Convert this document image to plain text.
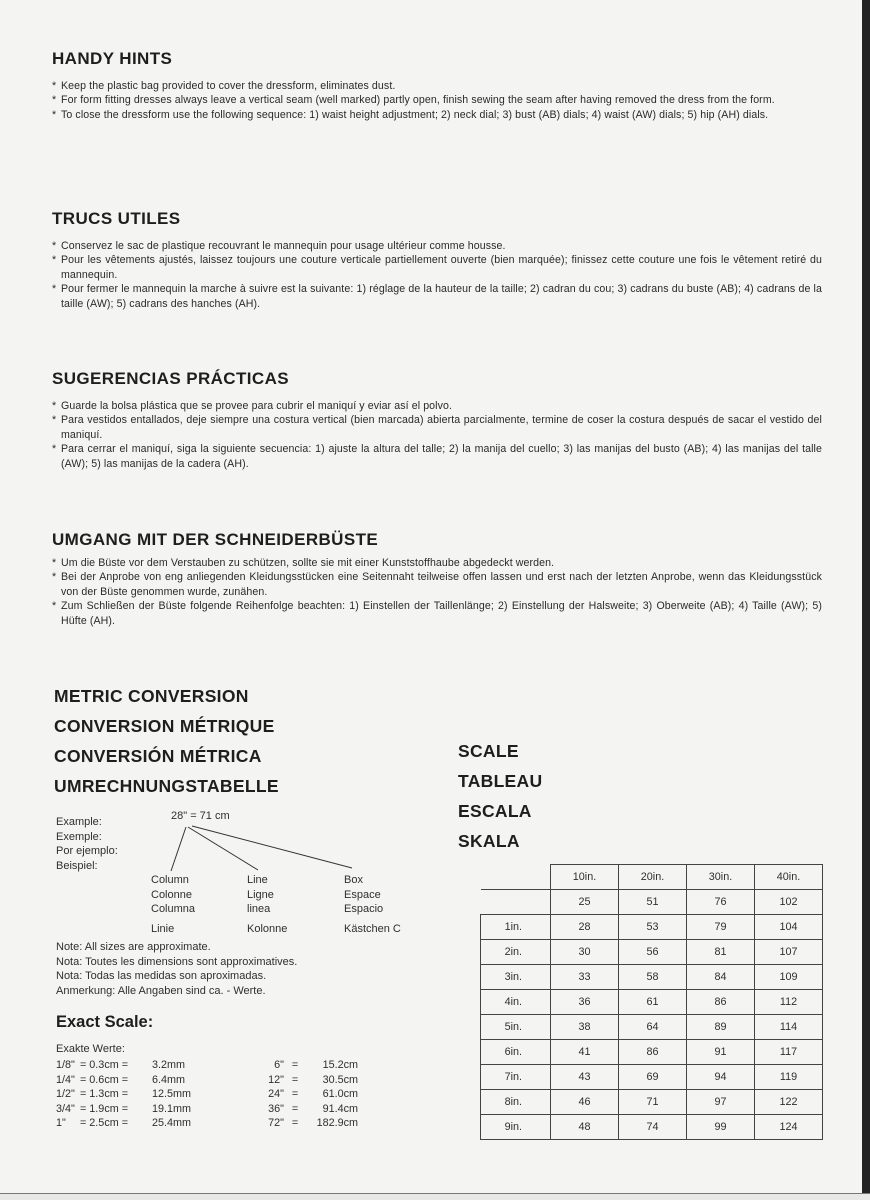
HANDY HINTS
* Keep the plastic bag provided to cover the dressform, eliminates dust.
* For form fitting dresses always leave a vertical seam (well marked) partly open, finish sewing the seam after having removed the dress from the form.
* To close the dressform use the following sequence: 1) waist height adjustment; 2) neck dial; 3) bust (AB) dials; 4) waist (AW) dials; 5) hip (AH) dials.
TRUCS UTILES
* Conservez le sac de plastique recouvrant le mannequin pour usage ultérieur comme housse.
* Pour les vêtements ajustés, laissez toujours une couture verticale partiellement ouverte (bien marquée); finissez cette couture une fois le vêtement retiré du mannequin.
* Pour fermer le mannequin la marche à suivre est la suivante: 1) réglage de la hauteur de la taille; 2) cadran du cou; 3) cadrans du buste (AB); 4) cadrans de la taille (AW); 5) cadrans des hanches (AH).
SUGERENCIAS PRÁCTICAS
* Guarde la bolsa plástica que se provee para cubrir el maniquí y eviar así el polvo.
* Para vestidos entallados, deje siempre una costura vertical (bien marcada) abierta parcialmente, termine de coser la costura después de sacar el vestido del maniquí.
* Para cerrar el maniquí, siga la siguiente secuencia: 1) ajuste la altura del talle; 2) la manija del cuello; 3) las manijas del busto (AB); 4) las manijas del talle (AW); 5) las manijas de la cadera (AH).
UMGANG MIT DER SCHNEIDERBÜSTE
* Um die Büste vor dem Verstauben zu schützen, sollte sie mit einer Kunststoffhaube abgedeckt werden.
* Bei der Anprobe von eng anliegenden Kleidungsstücken eine Seitennaht teilweise offen lassen und erst nach der letzten Anprobe, wenn das Kleidungsstück von der Büste genommen wurde, zunähen.
* Zum Schließen der Büste folgende Reihenfolge beachten: 1) Einstellen der Taillenlänge; 2) Einstellung der Halsweite; 3) Oberweite (AB); 4) Taille (AW); 5) Hüfte (AH).
METRIC CONVERSION
CONVERSION MÉTRIQUE
CONVERSIÓN MÉTRICA
UMRECHNUNGSTABELLE
SCALE
TABLEAU
ESCALA
SKALA
Example:
Exemple:
Por ejemplo:
Beispiel:
28" = 71 cm
Column
Colonne
Columna
Linie
Line
Ligne
linea
Kolonne
Box
Espace
Espacio
Kästchen C
Note: All sizes are approximate.
Nota: Toutes les dimensions sont approximatives.
Nota: Todas las medidas son aproximadas.
Anmerkung: Alle Angaben sind ca. - Werte.
Exact Scale:
Exakte Werte:
1/8" = 0.3cm = 3.2mm
1/4" = 0.6cm = 6.4mm
1/2" = 1.3cm = 12.5mm
3/4" = 1.9cm = 19.1mm
1" = 2.5cm = 25.4mm
6" = 15.2cm
12" = 30.5cm
24" = 61.0cm
36" = 91.4cm
72" = 182.9cm
	10in.	20in.	30in.	40in.
	25	51	76	102
1in.	28	53	79	104
2in.	30	56	81	107
3in.	33	58	84	109
4in.	36	61	86	112
5in.	38	64	89	114
6in.	41	86	91	117
7in.	43	69	94	119
8in.	46	71	97	122
9in.	48	74	99	124
